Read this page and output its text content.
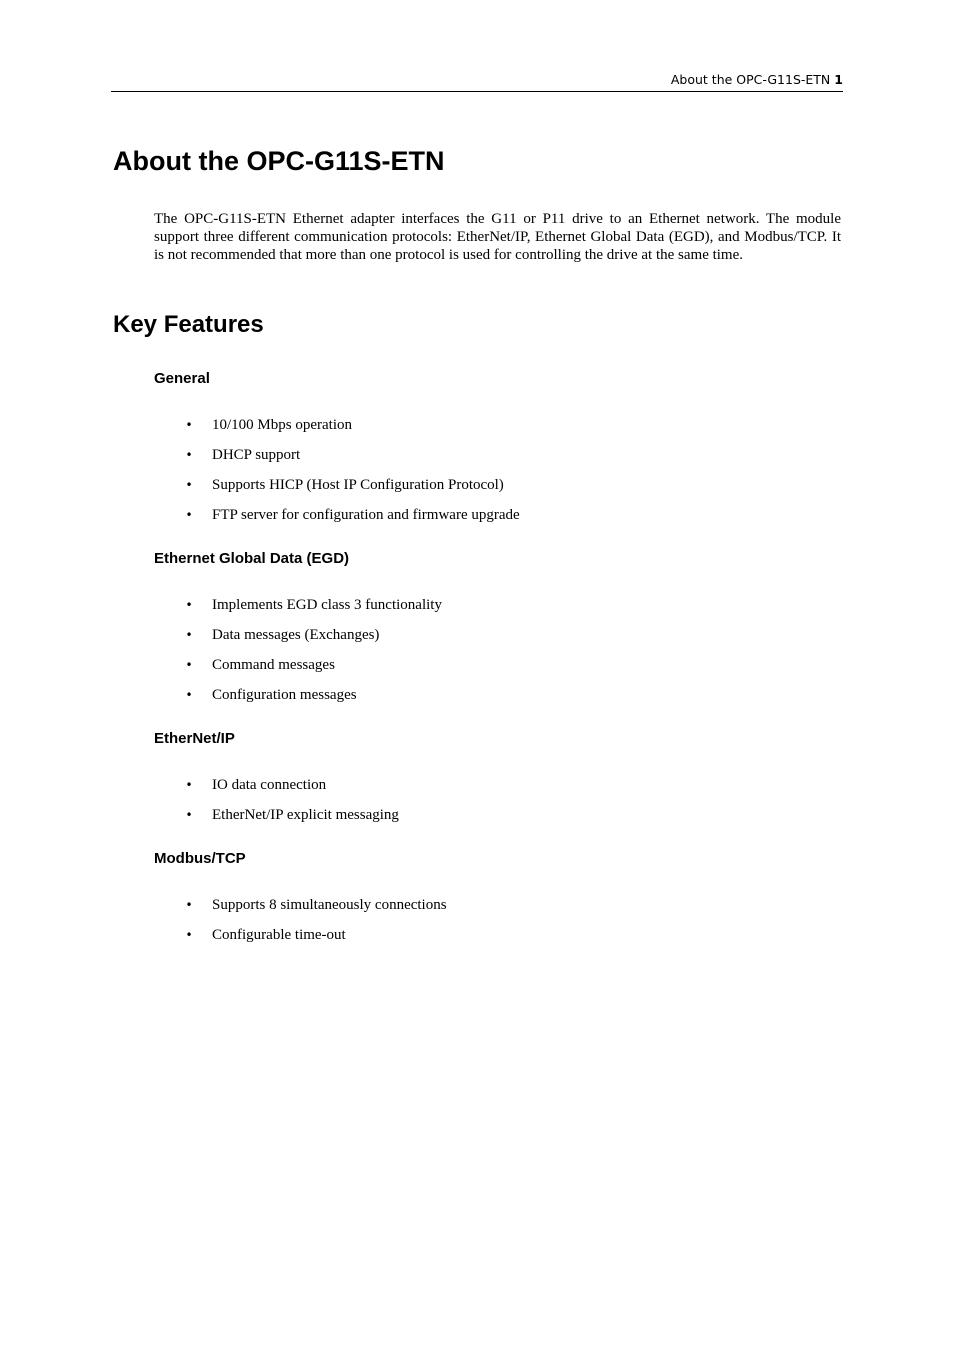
About the OPC-G11S-ETN 1
About the OPC-G11S-ETN

The OPC-G11S-ETN Ethernet adapter interfaces the G11 or P11 drive to an Ethernet network. The module support three different communication protocols: EtherNet/IP, Ethernet Global Data (EGD), and Modbus/TCP. It is not recommended that more than one protocol is used for controlling the drive at the same time.

Key Features
General
• 10/100 Mbps operation
• DHCP support
• Supports HICP (Host IP Configuration Protocol)
• FTP server for configuration and firmware upgrade
Ethernet Global Data (EGD)
• Implements EGD class 3 functionality
• Data messages (Exchanges)
• Command messages
• Configuration messages
EtherNet/IP
• IO data connection
• EtherNet/IP explicit messaging
Modbus/TCP
• Supports 8 simultaneously connections
• Configurable time-out
